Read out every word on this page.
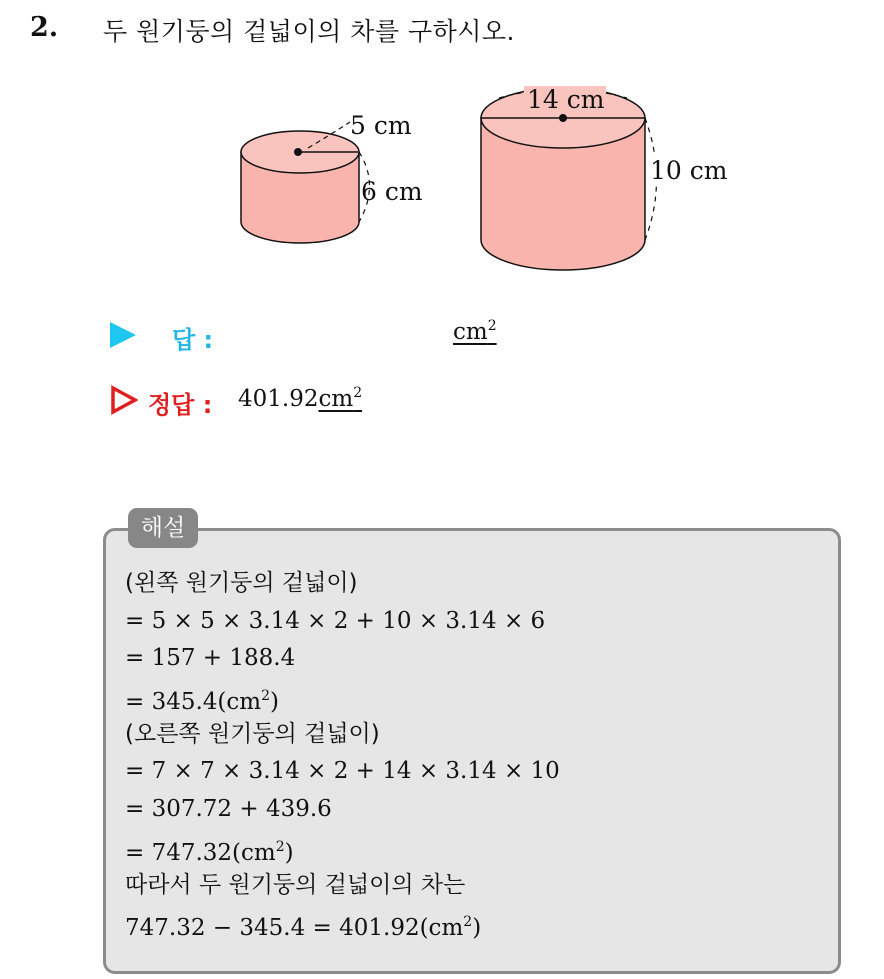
2. 두 원기둥의 겉넓이의 차를 구하시오.
5 cm
6 cm
14 cm
10 cm
답 :	$cm^2$
정답 : $401.92cm^2$
해설
(왼쪽 원기둥의 겉넓이)
= 5 × 5 × 3.14 × 2 + 10 × 3.14 × 6
= 157 + 188.4
= $345.4(cm^2)$
(오른쪽 원기둥의 겉넓이)
= 7 × 7 × 3.14 × 2 + 14 × 3.14 × 10
= 307.72 + 439.6
= $747.32(cm^2)$
따라서 두 원기둥의 겉넓이의 차는
$747.32 - 345.4 = 401.92(cm^2)$
